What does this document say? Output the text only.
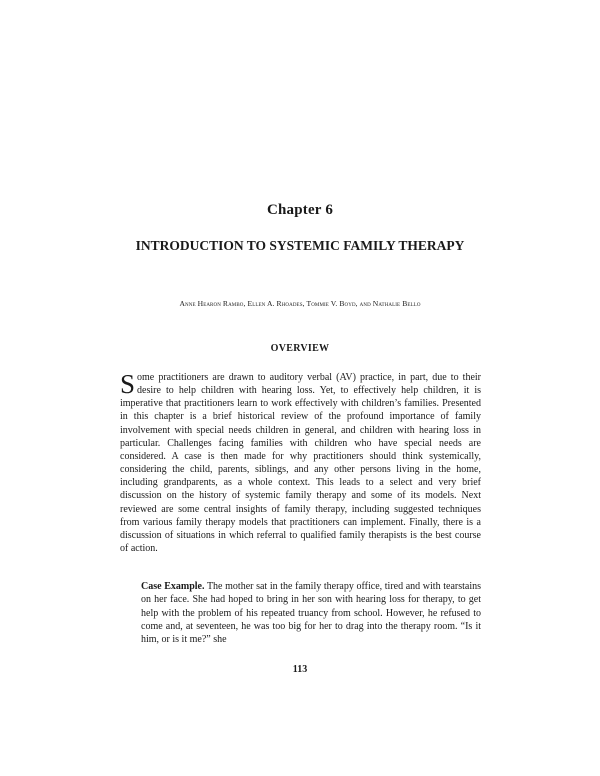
Chapter 6
INTRODUCTION TO SYSTEMIC FAMILY THERAPY
Anne Hearon Rambo, Ellen A. Rhoades, Tommie V. Boyd, and Nathalie Bello
OVERVIEW
Some practitioners are drawn to auditory verbal (AV) practice, in part, due to their desire to help children with hearing loss. Yet, to effectively help children, it is imperative that practitioners learn to work effectively with children’s families. Presented in this chapter is a brief historical review of the profound importance of family involvement with special needs children in general, and children with hearing loss in particular. Challenges facing families with children who have special needs are considered. A case is then made for why practitioners should think systemically, considering the child, parents, siblings, and any other persons living in the home, including grandparents, as a whole context. This leads to a select and very brief discussion on the history of systemic family therapy and some of its models. Next reviewed are some central insights of family therapy, including suggested techniques from various family therapy models that practitioners can implement. Finally, there is a discussion of situations in which referral to qualified family therapists is the best course of action.
Case Example. The mother sat in the family therapy office, tired and with tearstains on her face. She had hoped to bring in her son with hearing loss for therapy, to get help with the problem of his repeated truancy from school. However, he refused to come and, at seventeen, he was too big for her to drag into the therapy room. “Is it him, or is it me?” she
113
